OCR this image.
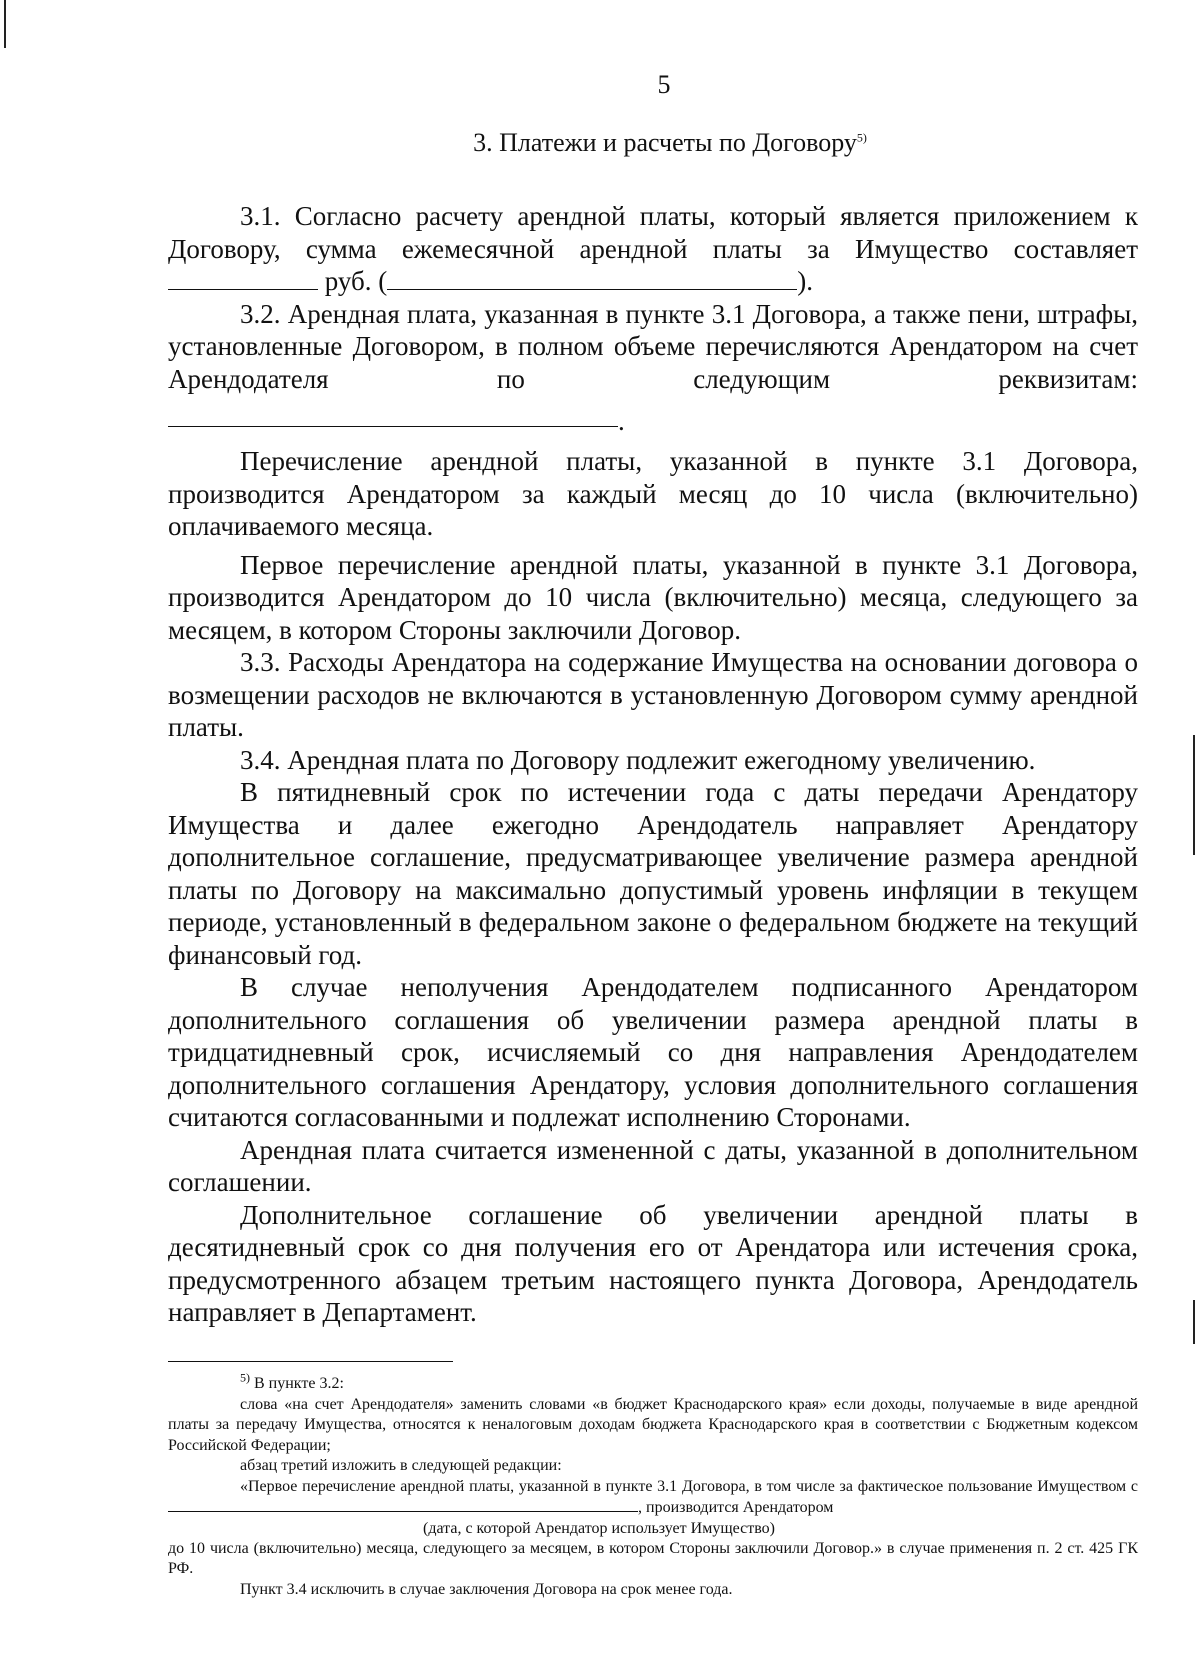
5
3. Платежи и расчеты по Договору$^{5)}$

3.1. Согласно расчету арендной платы, который является приложением к Договору, сумма ежемесячной арендной платы за Имущество составляет  руб. (	).

3.2. Арендная плата, указанная в пункте 3.1 Договора, а также пени, штрафы, установленные Договором, в полном объеме перечисляются Арендатором на счет Арендодателя по следующим реквизитам:

.

Перечисление арендной платы, указанной в пункте 3.1 Договора, производится Арендатором за каждый месяц до 10 числа (включительно) оплачиваемого месяца.

Первое перечисление арендной платы, указанной в пункте 3.1 Договора, производится Арендатором до 10 числа (включительно) месяца, следующего за месяцем, в котором Стороны заключили Договор.

3.3. Расходы Арендатора на содержание Имущества на основании договора о возмещении расходов не включаются в установленную Договором сумму арендной платы.

3.4. Арендная плата по Договору подлежит ежегодному увеличению.

В пятидневный срок по истечении года с даты передачи Арендатору Имущества и далее ежегодно Арендодатель направляет Арендатору дополнительное соглашение, предусматривающее увеличение размера арендной платы по Договору на максимально допустимый уровень инфляции в текущем периоде, установленный в федеральном законе о федеральном бюджете на текущий финансовый год.

В случае неполучения Арендодателем подписанного Арендатором дополнительного соглашения об увеличении размера арендной платы в тридцатидневный срок, исчисляемый со дня направления Арендодателем дополнительного соглашения Арендатору, условия дополнительного соглашения считаются согласованными и подлежат исполнению Сторонами.

Арендная плата считается измененной с даты, указанной в дополнительном соглашении.

Дополнительное соглашение об увеличении арендной платы в десятидневный срок со дня получения его от Арендатора или истечения срока, предусмотренного абзацем третьим настоящего пункта Договора, Арендодатель направляет в Департамент.

$^{5)}$ В пункте 3.2:

слова «на счет Арендодателя» заменить словами «в бюджет Краснодарского края» если доходы, получаемые в виде арендной платы за передачу Имущества, относятся к неналоговым доходам бюджета Краснодарского края в соответствии с Бюджетным кодексом Российской Федерации;

абзац третий изложить в следующей редакции:

«Первое перечисление арендной платы, указанной в пункте 3.1 Договора, в том числе за фактическое пользование Имуществом с , производится Арендатором

(дата, с которой Арендатор использует Имущество)

до 10 числа (включительно) месяца, следующего за месяцем, в котором Стороны заключили Договор.» в случае применения п. 2 ст. 425 ГК РФ.

Пункт 3.4 исключить в случае заключения Договора на срок менее года.
